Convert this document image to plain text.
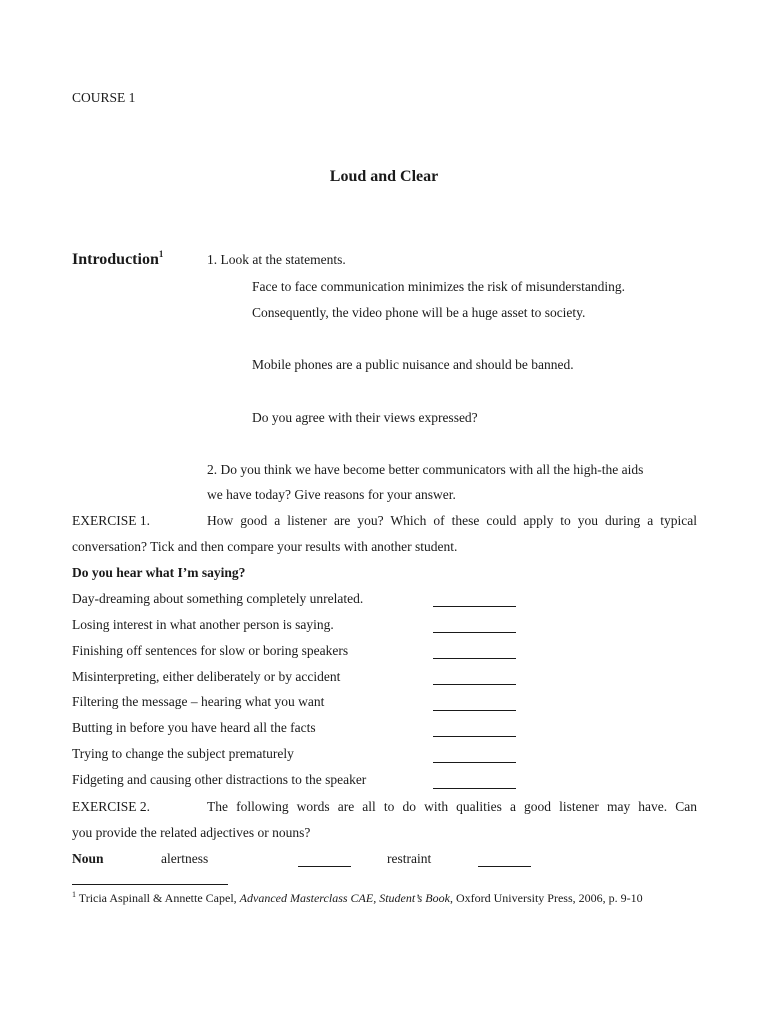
COURSE 1
Loud and Clear
Introduction$^1$	1. Look at the statements.
Face to face communication minimizes the risk of misunderstanding.
Consequently, the video phone will be a huge asset to society.
Mobile phones are a public nuisance and should be banned.
Do you agree with their views expressed?
2. Do you think we have become better communicators with all the high-the aids
we have today? Give reasons for your answer.
EXERCISE 1.	How good a listener are you? Which of these could apply to you during a typical
conversation? Tick and then compare your results with another student.
Do you hear what I’m saying?
Day-dreaming about something completely unrelated.
Losing interest in what another person is saying.
Finishing off sentences for slow or boring speakers
Misinterpreting, either deliberately or by accident
Filtering the message – hearing what you want
Butting in before you have heard all the facts
Trying to change the subject prematurely
Fidgeting and causing other distractions to the speaker
EXERCISE 2.	The following words are all to do with qualities a good listener may have. Can
you provide the related adjectives or nouns?
Noun	alertness	restraint
$^1$ Tricia Aspinall & Annette Capel, Advanced Masterclass CAE, Student’s Book, Oxford University Press, 2006, p. 9-10
